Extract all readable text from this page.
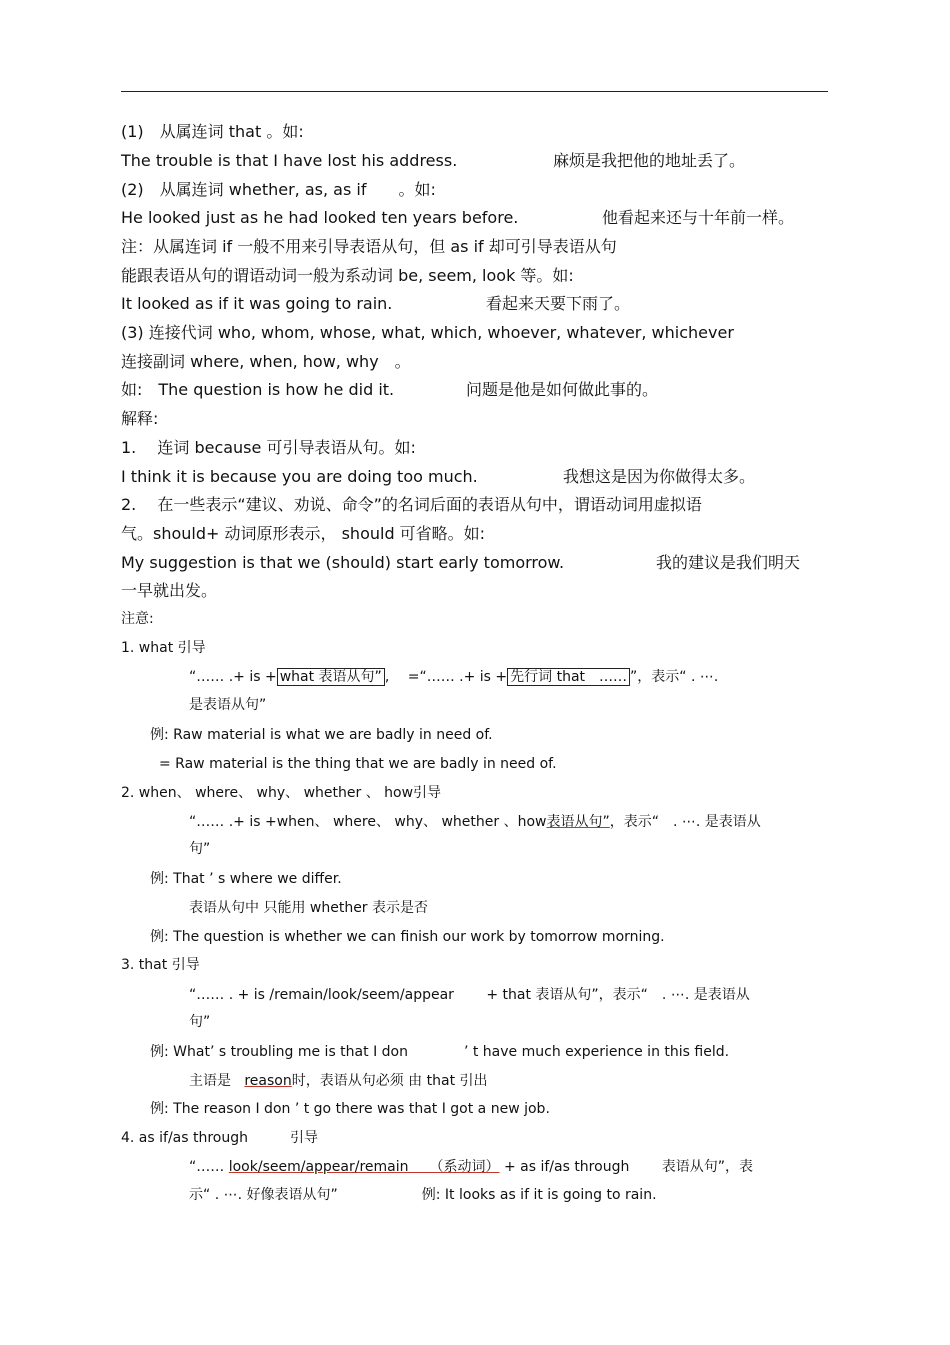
(1)　从属连词 that 。如:
The trouble is that I have lost his address.	麻烦是我把他的地址丢了。
(2)　从属连词 whether, as, as if　　。如:
He looked just as he had looked ten years before.	他看起来还与十年前一样。
注：从属连词 if 一般不用来引导表语从句，但 as if 却可引导表语从句
能跟表语从句的谓语动词一般为系动词 be, seem, look 等。如:
It looked as if it was going to rain.	看起来天要下雨了。
(3) 连接代词 who, whom, whose, what, which, whoever, whatever, whichever
连接副词 where, when, how, why　。
如:　The question is how he did it.	问题是他是如何做此事的。
解释:
1.　 连词 because 可引导表语从句。如:
I think it is because you are doing too much.	我想这是因为你做得太多。
2.　 在一些表示“建议、劝说、命令”的名词后面的表语从句中，谓语动词用虚拟语
气。should+ 动词原形表示， should 可省略。如:
My suggestion is that we (should) start early tomorrow.	我的建议是我们明天
一早就出发。
注意:
1. what 引导
“…… .+ is + what 表语从句” ,　 =“…… .+ is + 先行词 that　…… ”，表示“ . ⋯.
是表语从句”
例: Raw material is what we are badly in need of.
= Raw material is the thing that we are badly in need of.
2. when、 where、 why、 whether 、 how引导
“…… .+ is +when、 where、 why、 whether 、how表语从句”，表示“　. ⋯. 是表语从
句”
例: That ’ s where we differ.
表语从句中 只能用 whether 表示是否
例: The question is whether we can finish our work by tomorrow morning.
3. that 引导
“…… . + is /remain/look/seem/appear　　 + that 表语从句”，表示“　. ⋯. 是表语从
句”
例: What’ s troubling me is that I don　　　　’ t have much experience in this field.
主语是 reason时，表语从句必须 由 that 引出
例: The reason I don ’ t go there was that I got a new job.
4. as if/as through　　　引导
“…… look/seem/appear/remain　　（系动词） + as if/as through　　 表语从句”，表
示“ . ⋯. 好像表语从句”　　　　　　例: It looks as if it is going to rain.
